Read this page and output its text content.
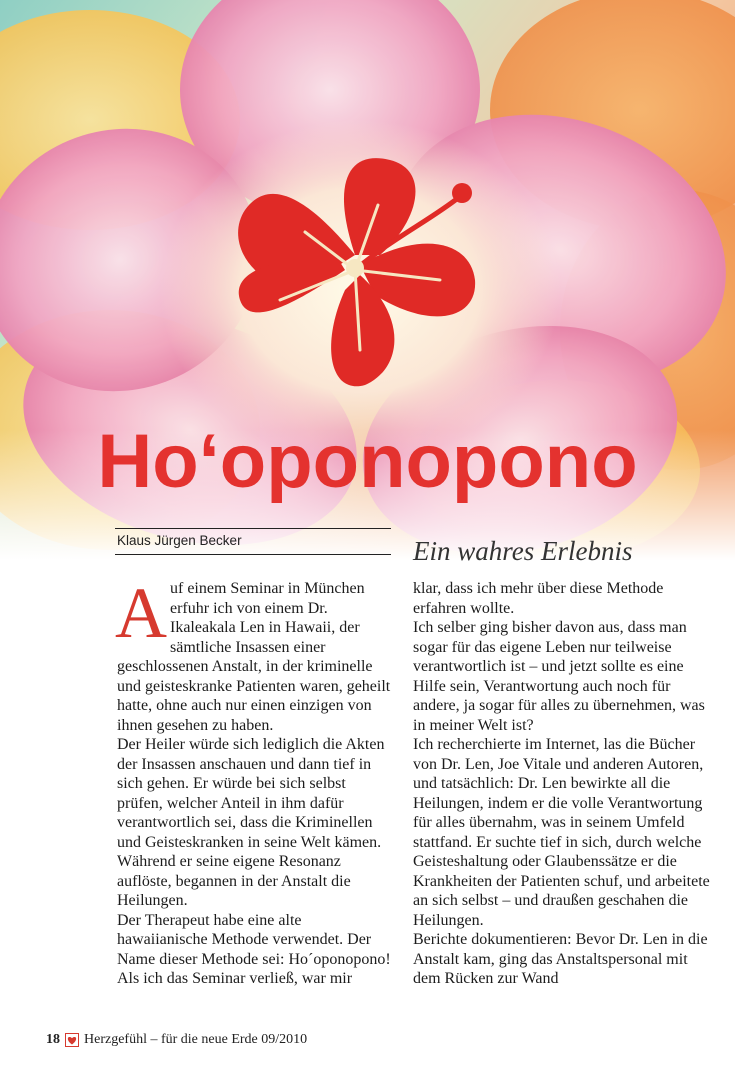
Ho‘oponopono
Klaus Jürgen Becker	Ein wahres Erlebnis

Auf einem Seminar in München erfuhr ich von einem Dr. Ikaleakala Len in Hawaii, der sämtliche Insassen einer geschlossenen Anstalt, in der kriminelle und geisteskranke Patienten waren, geheilt hatte, ohne auch nur einen einzigen von ihnen gesehen zu haben.

Der Heiler würde sich lediglich die Akten der Insassen anschauen und dann tief in sich gehen. Er würde bei sich selbst prüfen, welcher Anteil in ihm dafür verantwortlich sei, dass die Kriminellen und Geisteskranken in seine Welt kämen.

Während er seine eigene Resonanz auflöste, begannen in der Anstalt die Heilungen.

Der Therapeut habe eine alte hawaiianische Methode verwendet. Der Name dieser Methode sei: Ho´oponopono!

Als ich das Seminar verließ, war mir

klar, dass ich mehr über diese Methode erfahren wollte.

Ich selber ging bisher davon aus, dass man sogar für das eigene Leben nur teilweise verantwortlich ist – und jetzt sollte es eine Hilfe sein, Verantwortung auch noch für andere, ja sogar für alles zu übernehmen, was in meiner Welt ist?

Ich recherchierte im Internet, las die Bücher von Dr. Len, Joe Vitale und anderen Autoren, und tatsächlich: Dr. Len bewirkte all die Heilungen, indem er die volle Verantwortung für alles übernahm, was in seinem Umfeld stattfand. Er suchte tief in sich, durch welche Geisteshaltung oder Glaubenssätze er die Krankheiten der Patienten schuf, und arbeitete an sich selbst – und draußen geschahen die Heilungen.

Berichte dokumentieren: Bevor Dr. Len in die Anstalt kam, ging das Anstaltspersonal mit dem Rücken zur Wand

18 Herzgefühl – für die neue Erde 09/2010
